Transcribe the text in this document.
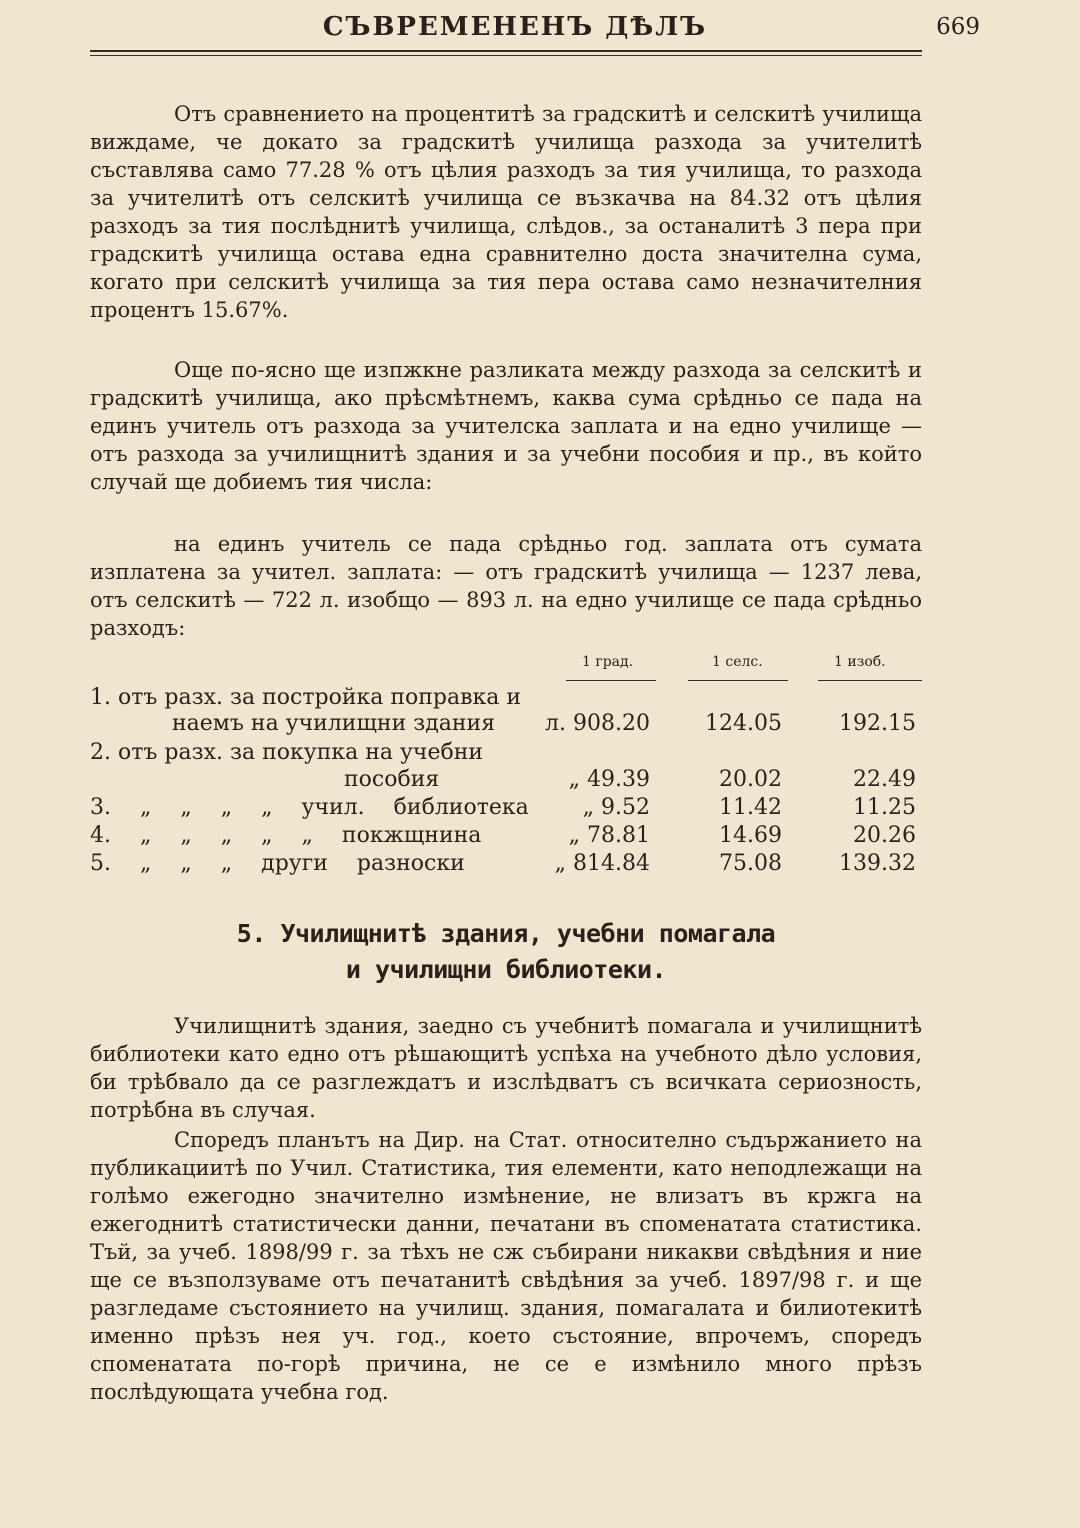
СЪВРЕМЕНЕНЪ ДѢЛЪ	669

Отъ сравнението на процентитѣ за градскитѣ и селскитѣ училища виждаме, че докато за градскитѣ училища разхода за учителитѣ съставлява само 77.28 % отъ цѣлия разходъ за тия училища, то разхода за учителитѣ отъ селскитѣ училища се възкачва на 84.32 отъ цѣлия разходъ за тия послѣднитѣ училища, слѣдов., за останалитѣ 3 пера при градскитѣ училища остава една сравнително доста значителна сума, когато при селскитѣ училища за тия пера остава само незначителния процентъ 15.67%.

Още по-ясно ще изпжкне разликата между разхода за селскитѣ и градскитѣ училища, ако прѣсмѣтнемъ, каква сума срѣдньо се пада на единъ учитель отъ разхода за учителска заплата и на едно училище — отъ разхода за училищнитѣ здания и за учебни пособия и пр., въ който случай ще добиемъ тия числа:

на единъ учитель се пада срѣдньо год. заплата отъ сумата изплатена за учител. заплата: — отъ градскитѣ училища — 1237 лева, отъ селскитѣ — 722 л. изобщо — 893 л. на едно училище се пада срѣдньо разходъ:

1 град.	1 селс.	1 изоб.
1. отъ разх. за постройка поправка и
наемъ на училищни здания л. 908.20	124.05	192.15
2. отъ разх. за покупка на учебни
пособия	„ 49.39	20.02	22.49
3. „ „ „ „ учил. библиотека „ 9.52	11.42	11.25
4. „ „ „ „ „ покжщнина	„ 78.81	14.69	20.26
5. „ „ „ други разноски	„ 814.84	75.08	139.32
5. Училищнитѣ здания, учебни помагала
и училищни библиотеки.

Училищнитѣ здания, заедно съ учебнитѣ помагала и училищнитѣ библиотеки като едно отъ рѣшающитѣ успѣха на учебното дѣло условия, би трѣбвало да се разглеждатъ и изслѣдватъ съ всичката сериозность, потрѣбна въ случая.

Споредъ планътъ на Дир. на Стат. относително съдържанието на публикациитѣ по Учил. Статистика, тия елементи, като неподлежащи на голѣмо ежегодно значително измѣнение, не влизатъ въ кржга на ежегоднитѣ статистически данни, печатани въ споменатата статистика. Тъй, за учеб. 1898/99 г. за тѣхъ не сж събирани никакви свѣдѣния и ние ще се възползуваме отъ печатанитѣ свѣдѣния за учеб. 1897/98 г. и ще разгледаме състоянието на училищ. здания, помагалата и билиотекитѣ именно прѣзъ нея уч. год., което състояние, впрочемъ, споредъ споменатата по-горѣ причина, не се е измѣнило много прѣзъ послѣдующата учебна год.
